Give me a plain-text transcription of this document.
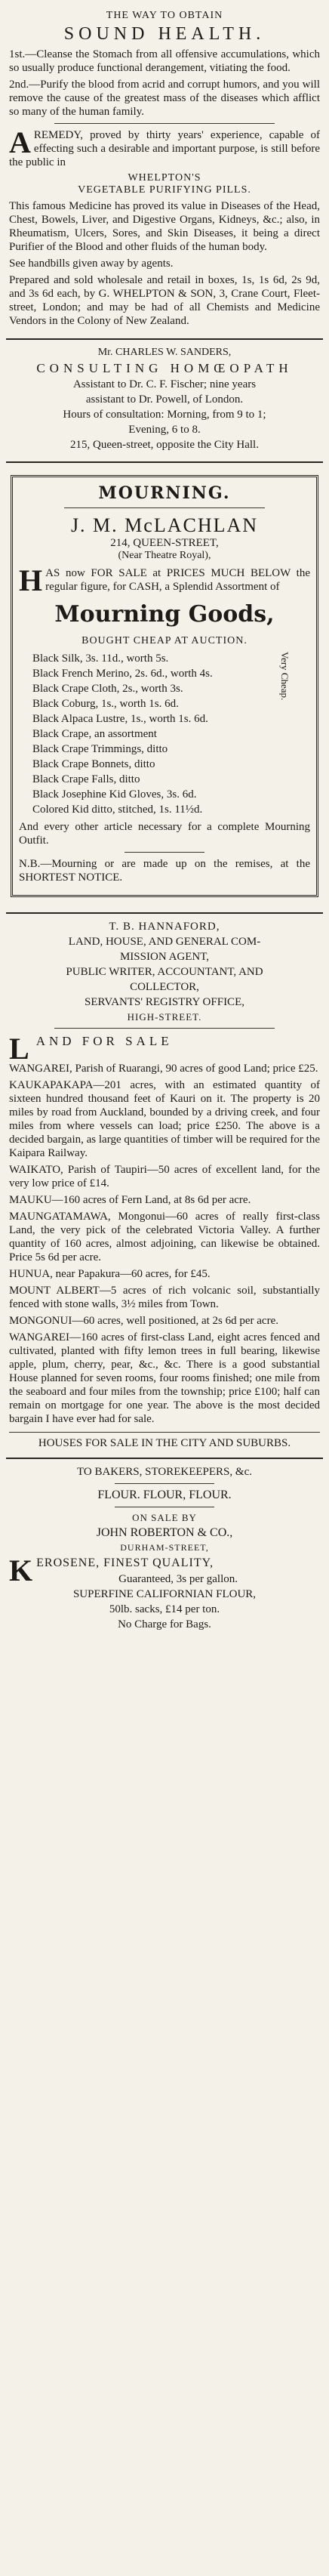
THE WAY TO OBTAIN
SOUND HEALTH.

1st.—Cleanse the Stomach from all offensive accumulations, which so usually produce functional derangement, vitiating the food.

2nd.—Purify the blood from acrid and corrupt humors, and you will remove the cause of the greatest mass of the diseases which afflict so many of the human family.

AREMEDY, proved by thirty years' experience, capable of effecting such a desirable and important purpose, is still before the public in

WHELPTON'S
VEGETABLE PURIFYING PILLS.

This famous Medicine has proved its value in Diseases of the Head, Chest, Bowels, Liver, and Digestive Organs, Kidneys, &c.; also, in Rheumatism, Ulcers, Sores, and Skin Diseases, it being a direct Purifier of the Blood and other fluids of the human body.

See handbills given away by agents.

Prepared and sold wholesale and retail in boxes, 1s, 1s 6d, 2s 9d, and 3s 6d each, by G. WHELPTON & SON, 3, Crane Court, Fleet-street, London; and may be had of all Chemists and Medicine Vendors in the Colony of New Zealand.

Mr. CHARLES W. SANDERS,
CONSULTING HOMŒOPATH
Assistant to Dr. C. F. Fischer; nine years
assistant to Dr. Powell, of London.
Hours of consultation: Morning, from 9 to 1;
Evening, 6 to 8.
215, Queen-street, opposite the City Hall.
MOURNING.
J. M. McLACHLAN
214, QUEEN-STREET,
(Near Theatre Royal),

HAS now FOR SALE at PRICES MUCH BELOW the regular figure, for CASH, a Splendid Assortment of

Mourning Goods,
BOUGHT CHEAP AT AUCTION.
Very Cheap.

Black Silk, 3s. 11d., worth 5s.

Black French Merino, 2s. 6d., worth 4s.

Black Crape Cloth, 2s., worth 3s.

Black Coburg, 1s., worth 1s. 6d.

Black Alpaca Lustre, 1s., worth 1s. 6d.

Black Crape, an assortment

Black Crape Trimmings, ditto

Black Crape Bonnets, ditto

Black Crape Falls, ditto

Black Josephine Kid Gloves, 3s. 6d.

Colored Kid ditto, stitched, 1s. 11½d.

And every other article necessary for a complete Mourning Outfit.

N.B.—Mourning or are made up on the remises, at the SHORTEST NOTICE.

T. B. HANNAFORD,
LAND, HOUSE, AND GENERAL COM-
MISSION AGENT,
PUBLIC WRITER, ACCOUNTANT, AND
COLLECTOR,
SERVANTS' REGISTRY OFFICE,
HIGH-STREET.

LAND FOR SALE

WANGAREI, Parish of Ruarangi, 90 acres of good Land; price £25.

KAUKAPAKAPA—201 acres, with an estimated quantity of sixteen hundred thousand feet of Kauri on it. The property is 20 miles by road from Auckland, bounded by a driving creek, and four miles from where vessels can load; price £250. The above is a decided bargain, as large quantities of timber will be required for the Kaipara Railway.

WAIKATO, Parish of Taupiri—50 acres of excellent land, for the very low price of £14.

MAUKU—160 acres of Fern Land, at 8s 6d per acre.

MAUNGATAMAWA, Mongonui—60 acres of really first-class Land, the very pick of the celebrated Victoria Valley. A further quantity of 160 acres, almost adjoining, can likewise be obtained. Price 5s 6d per acre.

HUNUA, near Papakura—60 acres, for £45.

MOUNT ALBERT—5 acres of rich volcanic soil, substantially fenced with stone walls, 3½ miles from Town.

MONGONUI—60 acres, well positioned, at 2s 6d per acre.

WANGAREI—160 acres of first-class Land, eight acres fenced and cultivated, planted with fifty lemon trees in full bearing, likewise apple, plum, cherry, pear, &c., &c. There is a good substantial House planned for seven rooms, four rooms finished; one mile from the seaboard and four miles from the township; price £100; half can remain on mortgage for one year. The above is the most decided bargain I have ever had for sale.

HOUSES FOR SALE IN THE CITY AND SUBURBS.
TO BAKERS, STOREKEEPERS, &c.
FLOUR. FLOUR, FLOUR.
ON SALE BY
JOHN ROBERTON & CO.,
DURHAM-STREET,

KEROSENE, FINEST QUALITY,

Guaranteed, 3s per gallon.
SUPERFINE CALIFORNIAN FLOUR,
50lb. sacks, £14 per ton.
No Charge for Bags.
